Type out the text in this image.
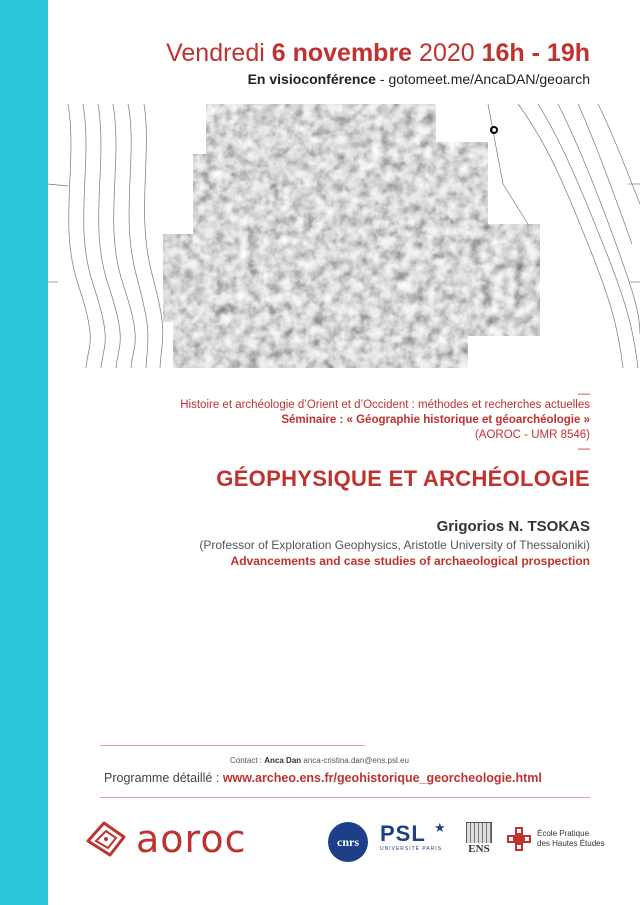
Vendredi 6 novembre 2020 16h - 19h
En visioconférence - gotomeet.me/AncaDAN/geoarch
—
Histoire et archéologie d’Orient et d’Occident : méthodes et recherches actuelles
Séminaire : « Géographie historique et géoarchéologie »
(AOROC - UMR 8546)
—
GÉOPHYSIQUE ET ARCHÉOLOGIE
Grigorios N. TSOKAS
(Professor of Exploration Geophysics, Aristotle University of Thessaloniki)
Advancements and case studies of archaeological prospection
Contact : Anca Dan anca-cristina.dan@ens.psl.eu
Programme détaillé : www.archeo.ens.fr/geohistorique_georcheologie.html
aoroc	cnrs PSL
UNIVERSITÉ PARIS
★
ENS
École Pratique
des Hautes Études
